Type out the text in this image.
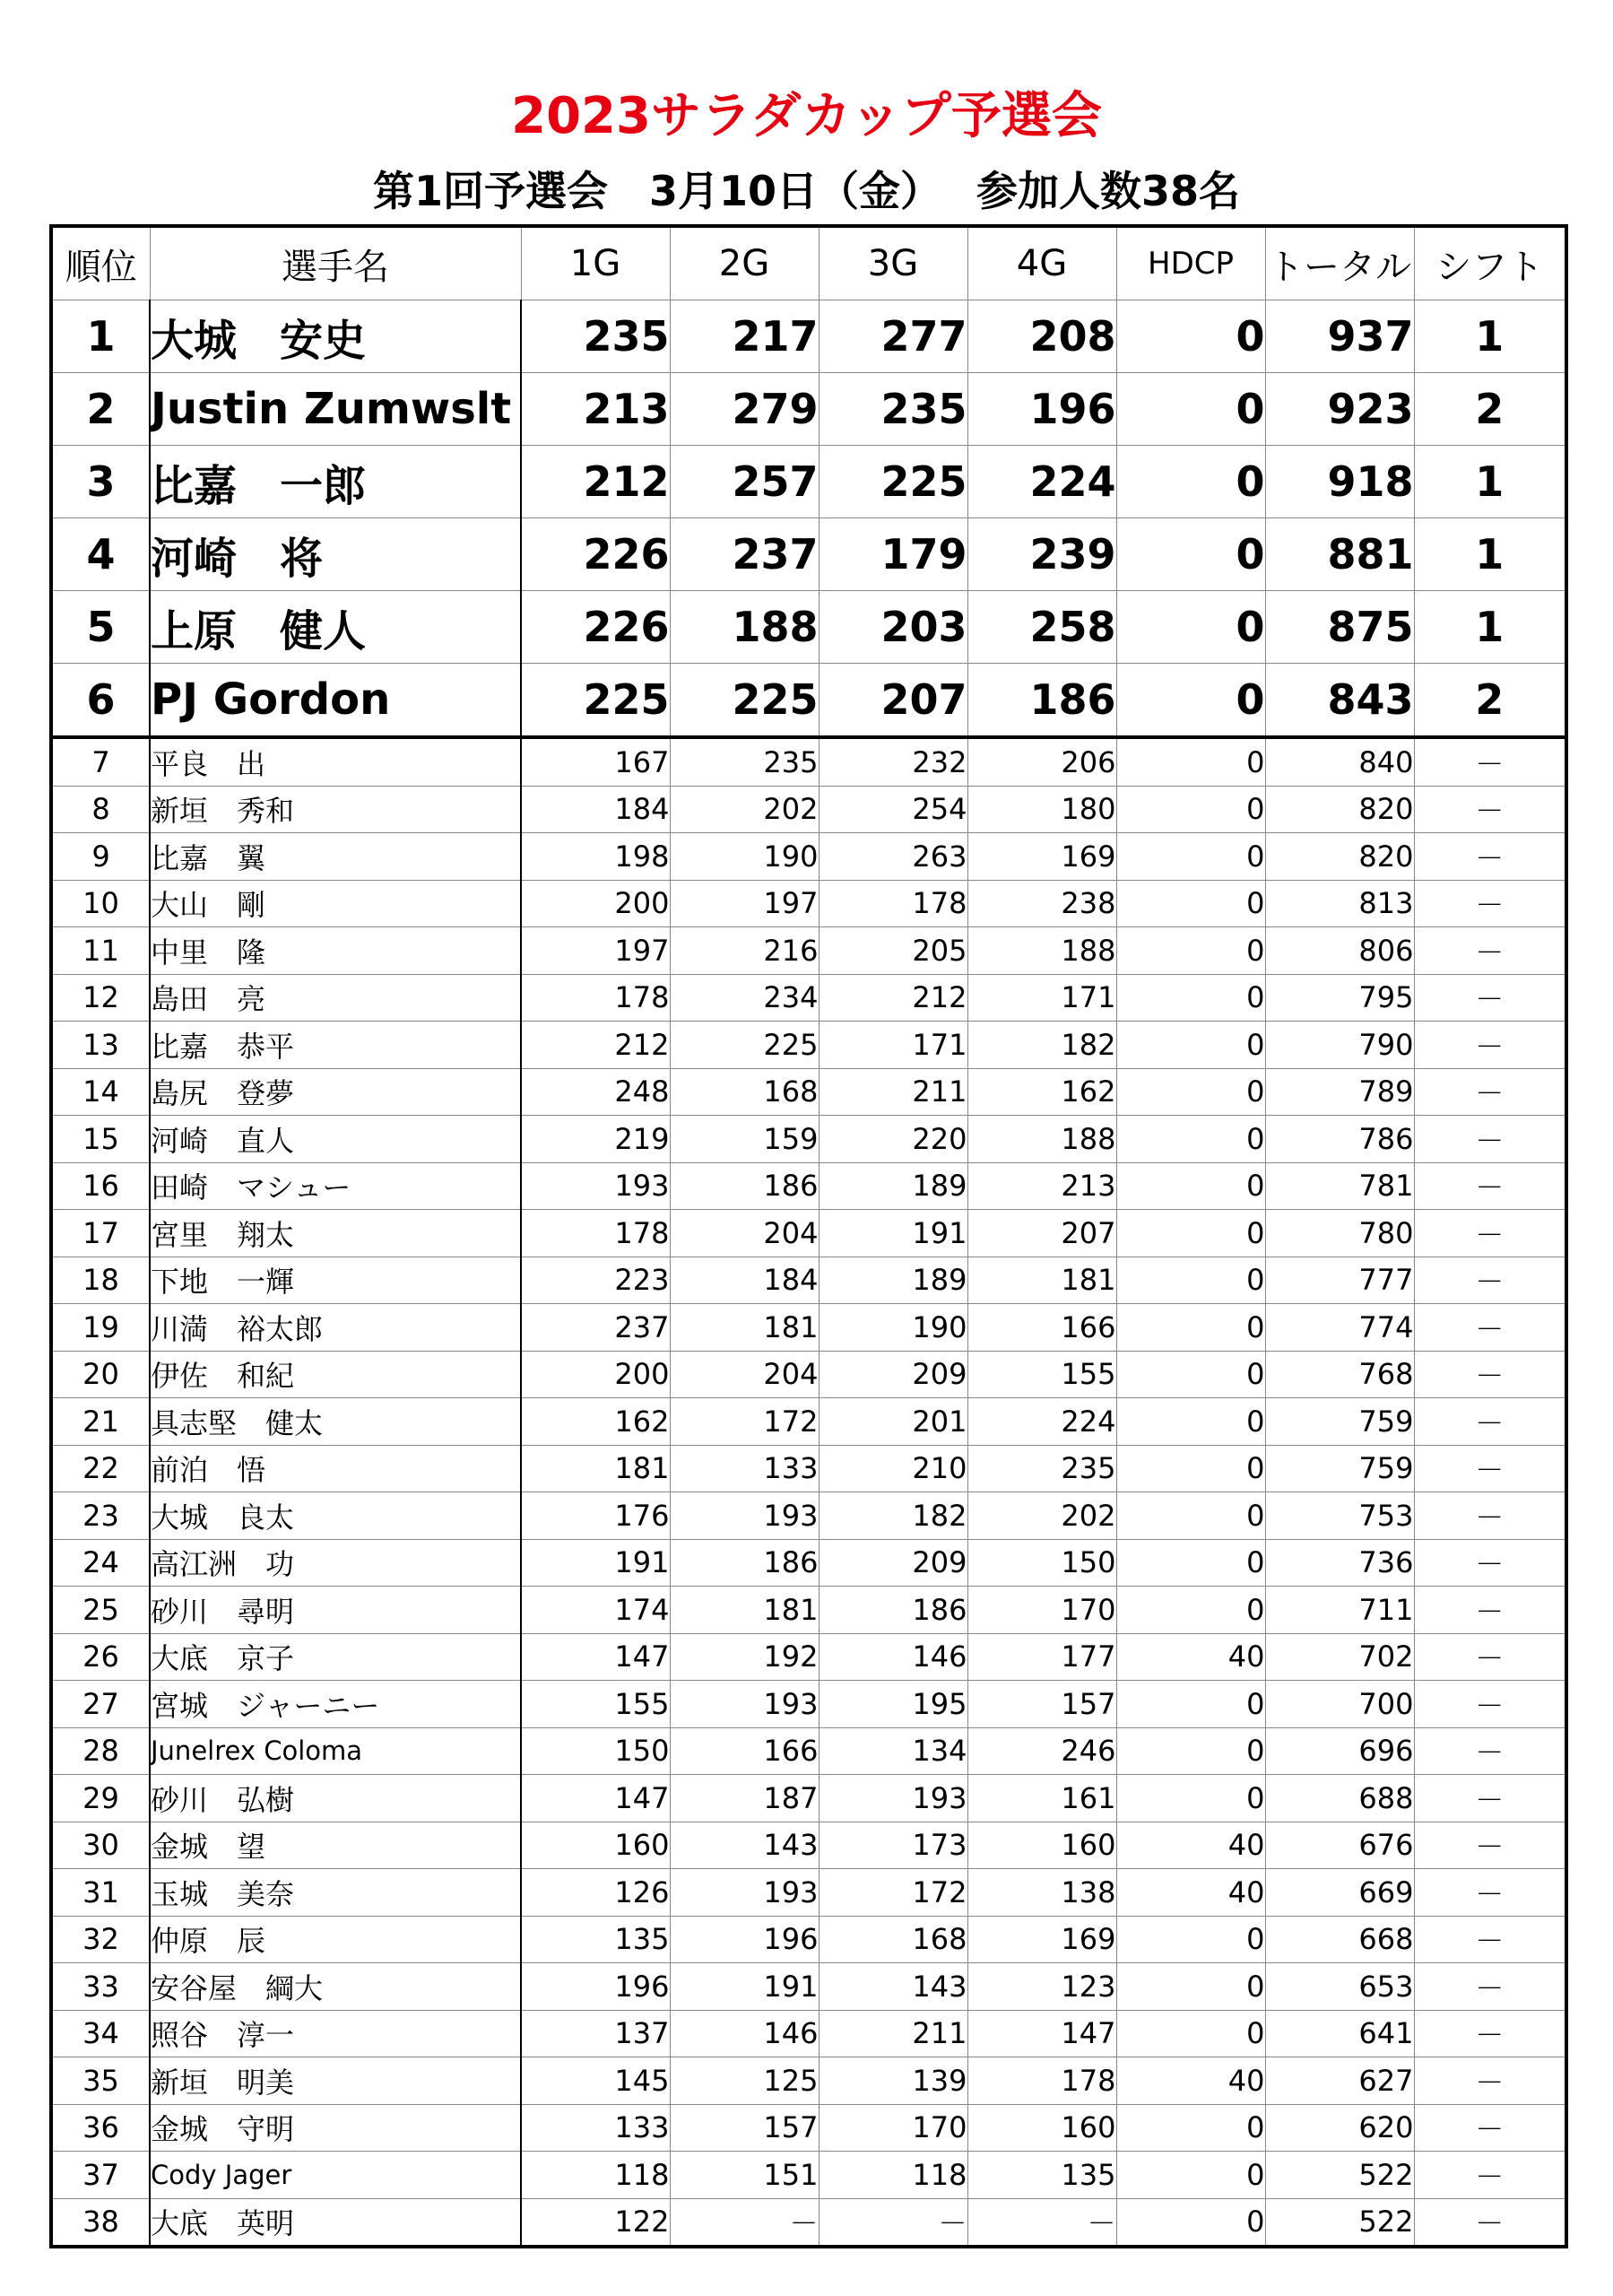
2023サラダカップ予選会
第1回予選会　3月10日（金）　 参加人数38名
順位	選手名	1G	2G	3G	4G	HDCP	トータル	シフト
1	大城　安史	235	217	277	208	0	937	1
2	Justin Zumwslt	213	279	235	196	0	923	2
3	比嘉　一郎	212	257	225	224	0	918	1
4	河崎　将	226	237	179	239	0	881	1
5	上原　健人	226	188	203	258	0	875	1
6	PJ Gordon	225	225	207	186	0	843	2
7	平良　出	167	235	232	206	0	840	－
8	新垣　秀和	184	202	254	180	0	820	－
9	比嘉　翼	198	190	263	169	0	820	－
10	大山　剛	200	197	178	238	0	813	－
11	中里　隆	197	216	205	188	0	806	－
12	島田　亮	178	234	212	171	0	795	－
13	比嘉　恭平	212	225	171	182	0	790	－
14	島尻　登夢	248	168	211	162	0	789	－
15	河崎　直人	219	159	220	188	0	786	－
16	田崎　マシュー	193	186	189	213	0	781	－
17	宮里　翔太	178	204	191	207	0	780	－
18	下地　一輝	223	184	189	181	0	777	－
19	川満　裕太郎	237	181	190	166	0	774	－
20	伊佐　和紀	200	204	209	155	0	768	－
21	具志堅　健太	162	172	201	224	0	759	－
22	前泊　悟	181	133	210	235	0	759	－
23	大城　良太	176	193	182	202	0	753	－
24	高江洲　功	191	186	209	150	0	736	－
25	砂川　尋明	174	181	186	170	0	711	－
26	大底　京子	147	192	146	177	40	702	－
27	宮城　ジャーニー	155	193	195	157	0	700	－
28	Junelrex Coloma	150	166	134	246	0	696	－
29	砂川　弘樹	147	187	193	161	0	688	－
30	金城　望	160	143	173	160	40	676	－
31	玉城　美奈	126	193	172	138	40	669	－
32	仲原　辰	135	196	168	169	0	668	－
33	安谷屋　綱大	196	191	143	123	0	653	－
34	照谷　淳一	137	146	211	147	0	641	－
35	新垣　明美	145	125	139	178	40	627	－
36	金城　守明	133	157	170	160	0	620	－
37	Cody Jager	118	151	118	135	0	522	－
38	大底　英明	122	－	－	－	0	522	－
